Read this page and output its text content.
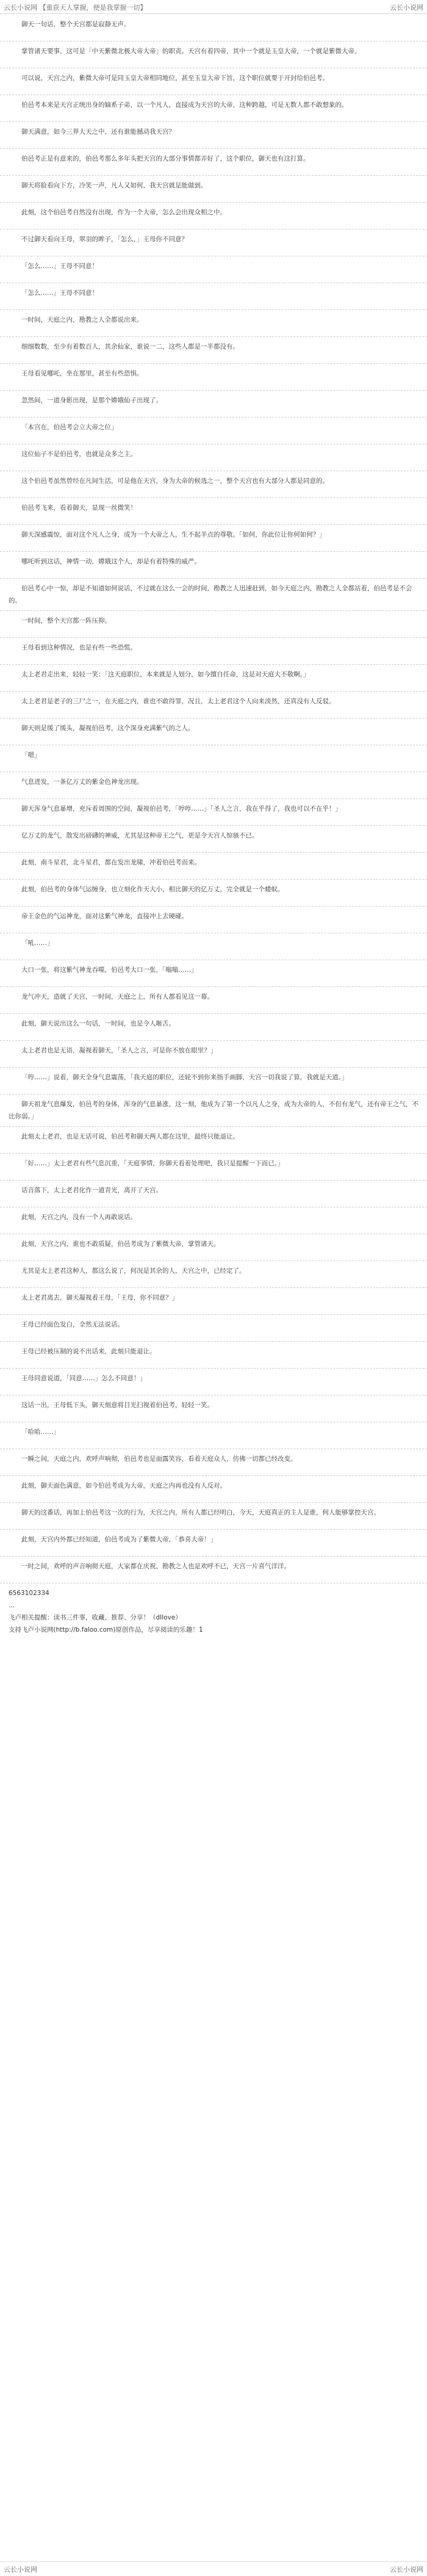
云长小说网 【重获天人掌握，便是我掌握一切】	云长小说网

御天一句话，整个天宫都是寂静无声。

掌管诸天要事，这可是「中天紫微北极大帝大帝」的职责。天宫有着四帝，其中一个就是玉皇大帝，一个就是紫微大帝。

可以说，天宫之内，紫微大帝可是同玉皇大帝相同地位，甚至玉皇大帝下旨，这个职位就要于开封给伯邑考。

伯邑考本来是天宫正统出身的嫡系子弟，以一个凡人，直接成为天宫的大帝，这种跨越，可是无数人都不敢想象的。

御天满意，如今三界大天之中，还有谁能撼动我天宫？

伯邑考正是有意来的，伯邑考那么多年头把天宫的大部分事情都弄好了，这个职位，御天也有这打算。

御天将脸看向下方，冷笑一声，凡人又如何，我天宫就是能做到。

此刻，这个伯邑考自然没有出现，作为一个大帝，怎么会出现众相之中。

不过御天看向王母，翠羽的眸子，「怎么，」王母你不同意？

「怎么……」王母不同意！

「怎么……」王母不同意！

一时间，天庭之内，勘教之人全都说出来。

细细数数，至少有着数百人，其余仙家，谁说一二，这些人都是一半都没有。

王母看见哪吒，坐在那里，甚至有些恐惧。

忽然间，一道身影出现，是那个嫦娥仙子出现了。

「本宫在，伯邑考会立大帝之位」

这位仙子不是伯邑考，也就是众多之主。

这个伯邑考虽然曾经在凡间生活，可是他在天宫，身为大帝的候选之一，整个天宫也有大部分人都是同意的。

伯邑考飞来，看着御天，显现一丝微笑！

御天深感震惊，面对这个凡人之身，成为一个大帝之人，生不起半点的尊敬。「如何，你此位让你何如何？」

哪吒听到这话，神情一动，嫦娥这个人，却是有着特殊的威严。

伯邑考心中一惊，却是不知道如何说话，不过就在这么一会的时间，勘教之人迅速赶到，如今天庭之内，勘教之人全都站着，伯邑考是不会的。

一时间，整个天宫都一阵压抑。

王母看到这种情况，也是有些一些恐慌。

太上老君走出来，轻轻一笑：「这天庭职位，本来就是人划分，如今擅自任命，这是对天庭大不敬啊。」

太上老君是老子的三尸之一，在天庭之内，谁也不敢得罪，况且，太上老君这个人向来淡然，还真没有人反驳。

御天则是缓了缓头，凝视伯邑考，这个深身充满紫气的之人。

「嗯」

气息迸发，一条亿万丈的紫金色神龙出现。

御天浑身气息暴增，充斥着周围的空间，凝视伯邑考，「哼哼……」「圣人之言，我在乎得了，我也可以不在乎！」

亿万丈的龙气，散发出磅礴的神威，尤其是这种帝王之气，更是令天宫人惊骇不已。

此刻，南斗星君，北斗星君，都在发出龙啸，冲着伯邑考而来。

此刻，伯邑考的身体气运缠身，也立刻化作天大小，相比御天的亿万丈，完全就是一个蝼蚁。

帝王金色的气运神龙，面对这紫气神龙，直接冲上去硬碰。

「吼……」

大口一张，将这紫气神龙吞噬，伯邑考大口一张，「嗡嗡……」

龙气冲天，造就了天宫，一时间，天庭之上，所有人都看见这一幕。

此刻，御天说出这么一句话，一时间，也是令人咂舌。

太上老君也是无语，凝视着御天，「圣人之言，可是你不放在眼里？」

「哼……」说着，御天全身气息震荡，「我天庭的职位，还轮不到你来指手画脚，天宫一切我说了算，我就是天道。」

御天祖龙气息爆发，伯邑考的身体，浑身的气息暴涨，这一刻，他成为了第一个以凡人之身，成为大帝的人，不但有龙气，还有帝王之气，不比你弱。」

此刻太上老君，也是无话可说，伯邑考和御天两人都在这里，最终只能退让。

「好……」太上老君有些气息沉重，「天庭事情，你御天看着处理吧，我只是提醒一下而已。」

话音落下，太上老君化作一道青光，离开了天宫。

此刻，天宫之内，没有一个人再敢说话。

此刻，天宫之内，谁也不敢质疑，伯邑考成为了紫微大帝，掌管诸天。

尤其是太上老君这种人，都这么说了，何况是其余的人，天宫之中，已经定了。

太上老君离去，御天凝视着王母，「王母，你不同意？」

王母已经面色发白，全然无法说话。

王母已经被压制的说不出话来，此刻只能退让。

王母同意说道，「同意……」怎么不同意！」

这话一出，王母低下头，御天刻意将目光扫视着伯邑考，轻轻一笑。

「哈哈……」

一瞬之间，天庭之内，欢呼声响彻，伯邑考也是面露笑容，看着天庭众人，仿佛一切都已经改变。

此刻，御天面色满意，如今伯邑考成为大帝，天庭之内再也没有人反对。

御天的这番话，再加上伯邑考这一次的行为，天宫之内，所有人都已经明白，今天，天庭真正的主人是谁，何人能够掌控天宫。

此刻，天宫内外都已经知道，伯邑考成为了紫微大帝，「恭喜大帝！」

一时之间，欢呼的声音响彻天庭，大家都在庆祝，勘教之人也是欢呼不已，天宫一片喜气洋洋。

6563102334
...
飞卢相关提醒：读书三件事，收藏、推荐、分享！（dIlove）
支持飞卢小说网(http://b.faloo.com)原创作品，尽享阅读的乐趣！1
云长小说网	云长小说网
